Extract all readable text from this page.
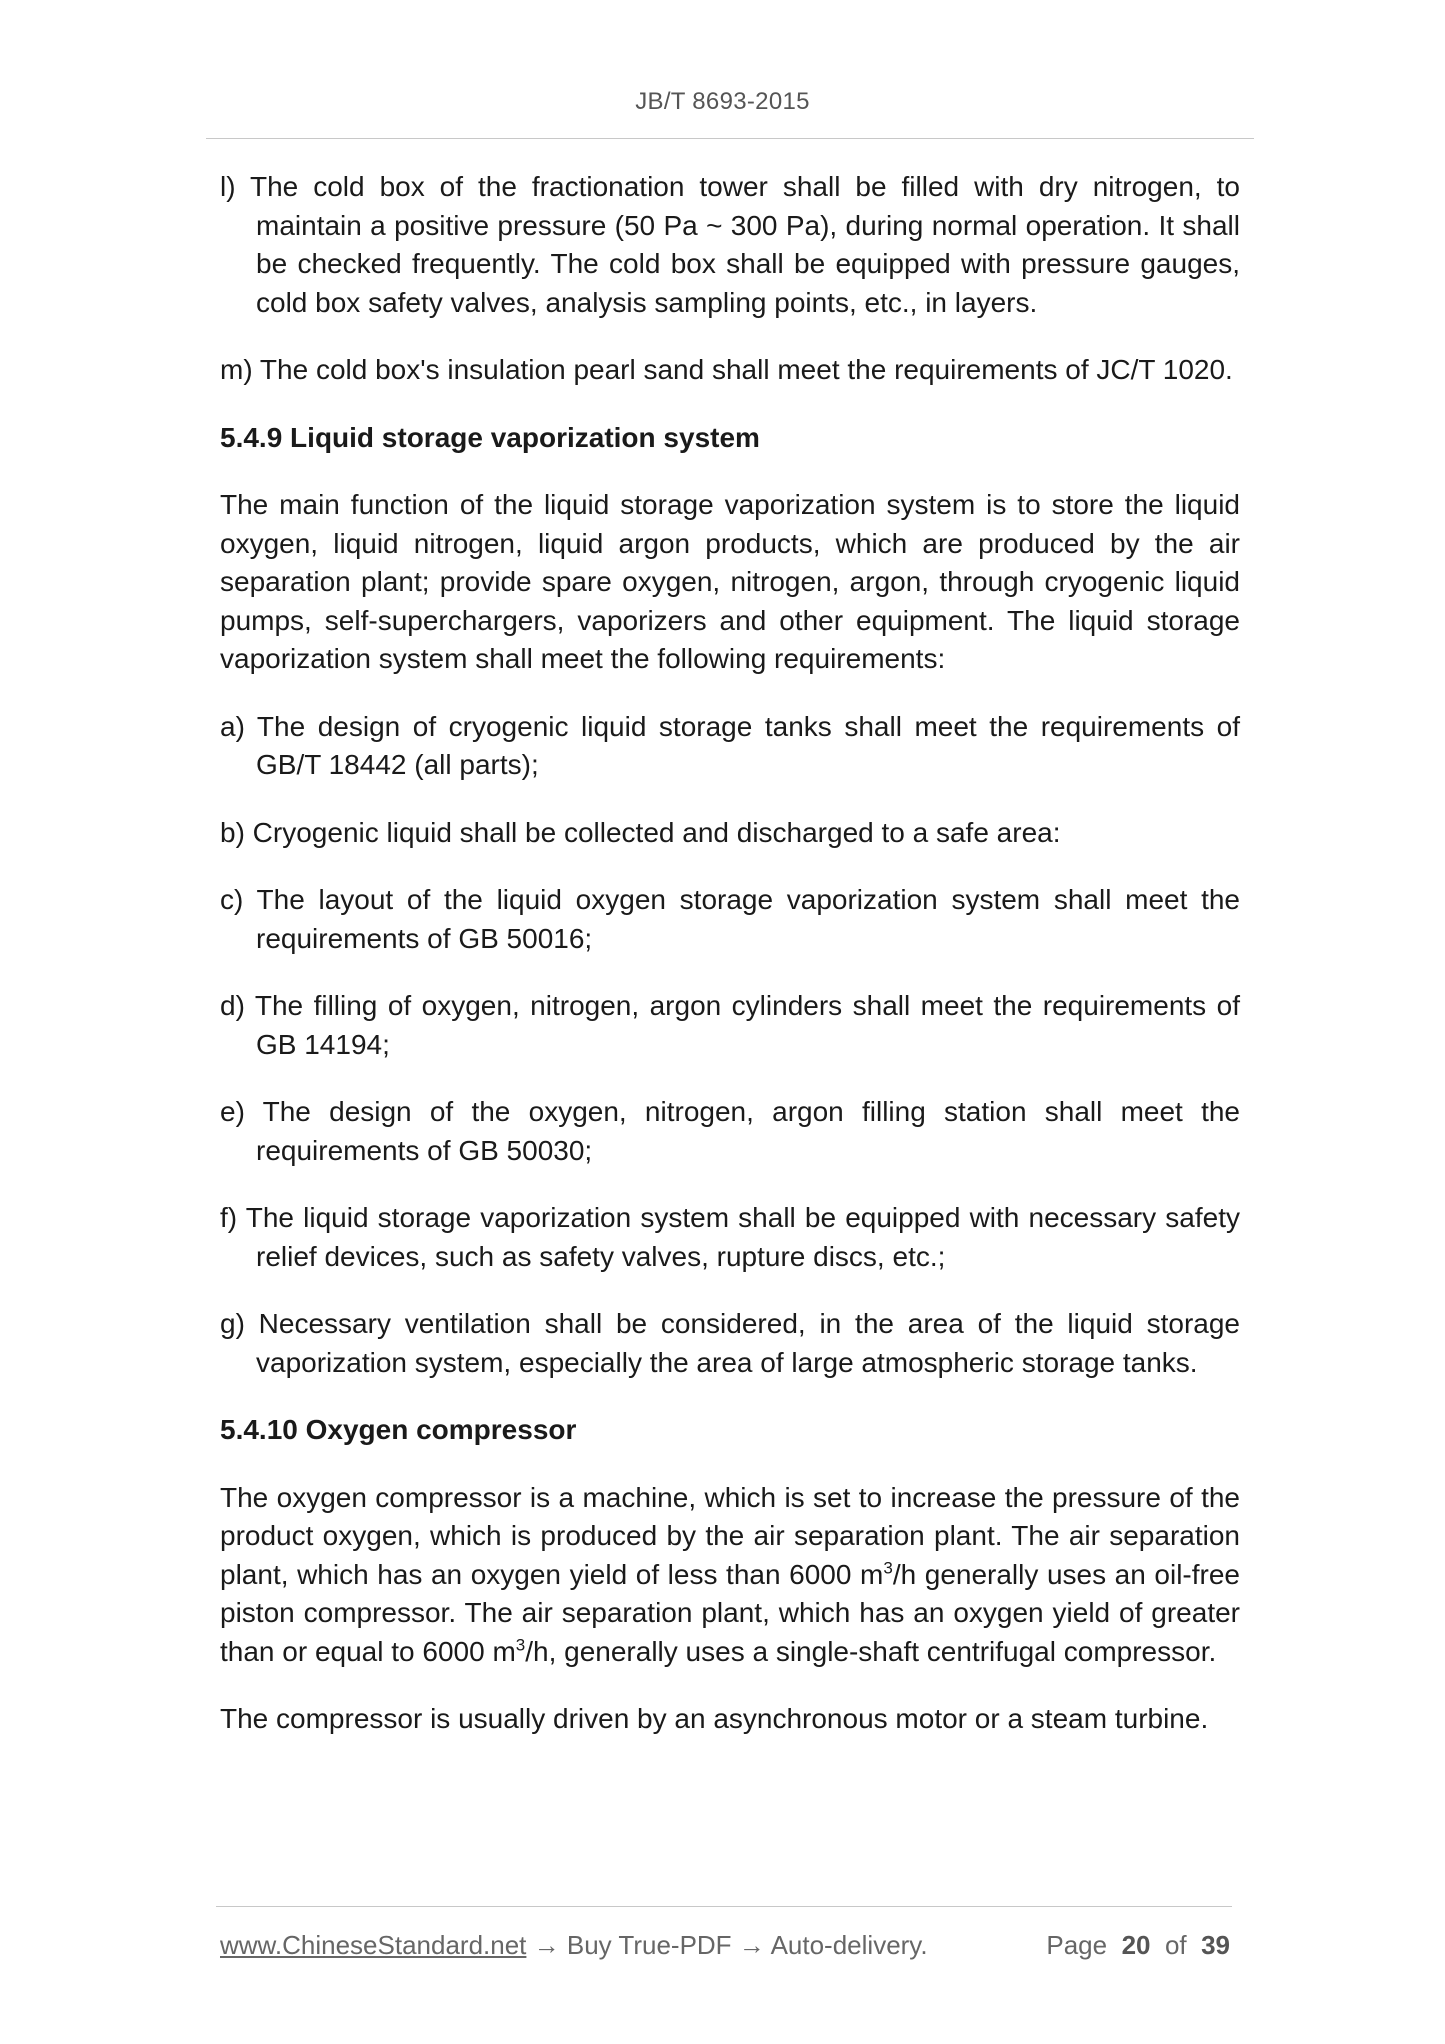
JB/T 8693-2015

l) The cold box of the fractionation tower shall be filled with dry nitrogen, to maintain a positive pressure (50 Pa ~ 300 Pa), during normal operation. It shall be checked frequently. The cold box shall be equipped with pressure gauges, cold box safety valves, analysis sampling points, etc., in layers.

m) The cold box's insulation pearl sand shall meet the requirements of JC/T 1020.

5.4.9 Liquid storage vaporization system

The main function of the liquid storage vaporization system is to store the liquid oxygen, liquid nitrogen, liquid argon products, which are produced by the air separation plant; provide spare oxygen, nitrogen, argon, through cryogenic liquid pumps, self-superchargers, vaporizers and other equipment. The liquid storage vaporization system shall meet the following requirements:

a) The design of cryogenic liquid storage tanks shall meet the requirements of GB/T 18442 (all parts);

b) Cryogenic liquid shall be collected and discharged to a safe area:

c) The layout of the liquid oxygen storage vaporization system shall meet the requirements of GB 50016;

d) The filling of oxygen, nitrogen, argon cylinders shall meet the requirements of GB 14194;

e) The design of the oxygen, nitrogen, argon filling station shall meet the requirements of GB 50030;

f) The liquid storage vaporization system shall be equipped with necessary safety relief devices, such as safety valves, rupture discs, etc.;

g) Necessary ventilation shall be considered, in the area of the liquid storage vaporization system, especially the area of large atmospheric storage tanks.

5.4.10 Oxygen compressor

The oxygen compressor is a machine, which is set to increase the pressure of the product oxygen, which is produced by the air separation plant. The air separation plant, which has an oxygen yield of less than 6000 $m^3/h$ generally uses an oil-free piston compressor. The air separation plant, which has an oxygen yield of greater than or equal to 6000 $m^3/h$, generally uses a single-shaft centrifugal compressor.

The compressor is usually driven by an asynchronous motor or a steam turbine.

www.ChineseStandard.net → Buy True-PDF → Auto-delivery.	Page 20 of 39
